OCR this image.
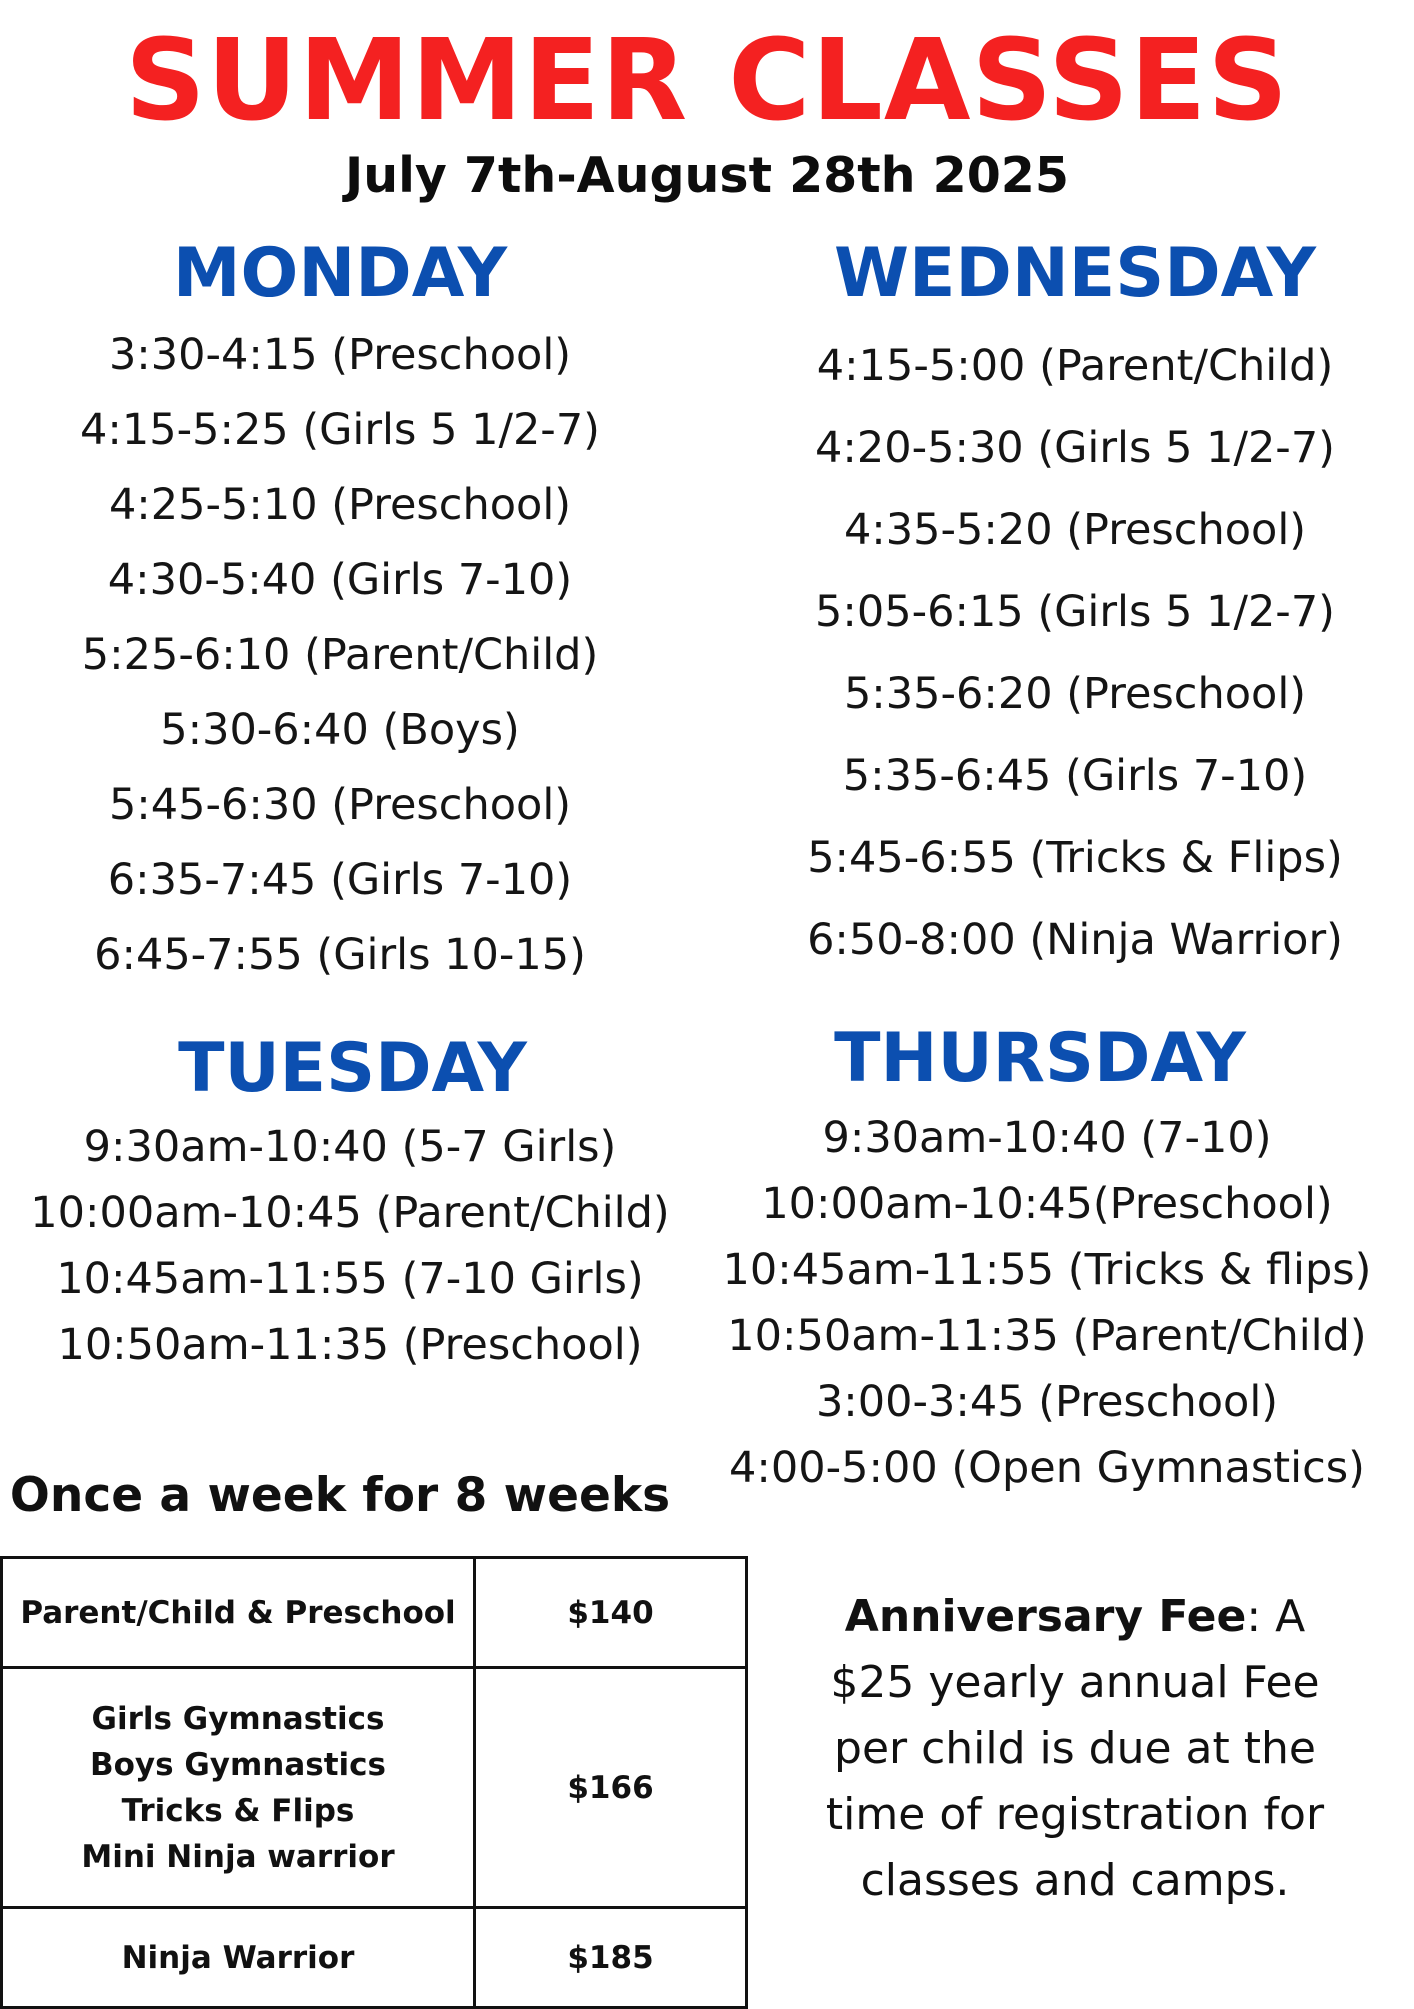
SUMMER CLASSES
July 7th-August 28th 2025
MONDAY
3:30-4:15 (Preschool)
4:15-5:25 (Girls 5 1/2-7)
4:25-5:10 (Preschool)
4:30-5:40 (Girls 7-10)
5:25-6:10 (Parent/Child)
5:30-6:40 (Boys)
5:45-6:30 (Preschool)
6:35-7:45 (Girls 7-10)
6:45-7:55 (Girls 10-15)
WEDNESDAY
4:15-5:00 (Parent/Child)
4:20-5:30 (Girls 5 1/2-7)
4:35-5:20 (Preschool)
5:05-6:15 (Girls 5 1/2-7)
5:35-6:20 (Preschool)
5:35-6:45 (Girls 7-10)
5:45-6:55 (Tricks & Flips)
6:50-8:00 (Ninja Warrior)
TUESDAY
9:30am-10:40 (5-7 Girls)
10:00am-10:45 (Parent/Child)
10:45am-11:55 (7-10 Girls)
10:50am-11:35 (Preschool)
THURSDAY
9:30am-10:40 (7-10)
10:00am-10:45(Preschool)
10:45am-11:55 (Tricks & flips)
10:50am-11:35 (Parent/Child)
3:00-3:45 (Preschool)
4:00-5:00 (Open Gymnastics)
Once a week for 8 weeks
Parent/Child & Preschool	$140

Girls Gymnastics
Boys Gymnastics
Tricks & Flips
Mini Ninja warrior	$166

Ninja Warrior	$185
Anniversary Fee: A $25 yearly annual Fee per child is due at the time of registration for classes and camps.
